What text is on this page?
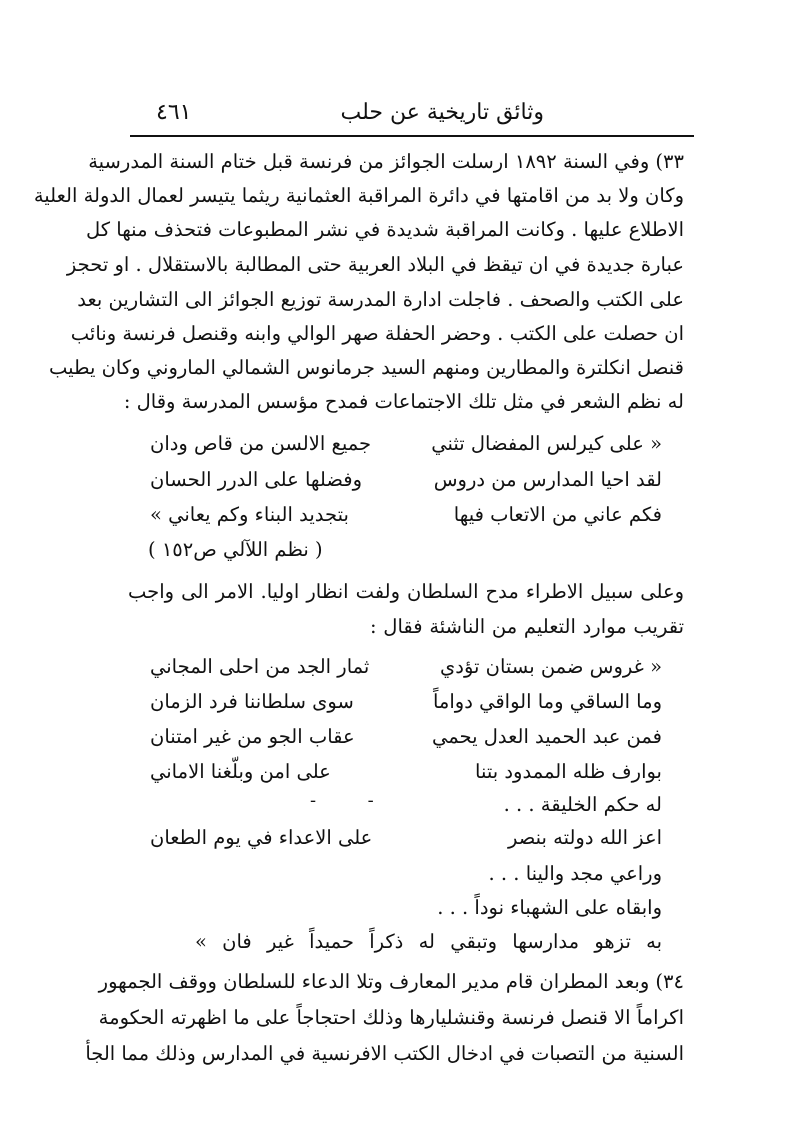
وثائق تاريخية عن حلب
٤٦١
٣٣) وفي السنة ١٨٩٢ ارسلت الجوائز من فرنسة قبل ختام السنة المدرسية
وكان ولا بد من اقامتها في دائرة المراقبة العثمانية ريثما يتيسر لعمال الدولة العلية
الاطلاع عليها . وكانت المراقبة شديدة في نشر المطبوعات فتحذف منها كل
عبارة جديدة في ان تيقظ في البلاد العربية حتى المطالبة بالاستقلال . او تحجز
على الكتب والصحف . فاجلت ادارة المدرسة توزيع الجوائز الى التشارين بعد
ان حصلت على الكتب . وحضر الحفلة صهر الوالي وابنه وقنصل فرنسة ونائب
قنصل انكلترة والمطارين ومنهم السيد جرمانوس الشمالي الماروني وكان يطيب
له نظم الشعر في مثل تلك الاجتماعات فمدح مؤسس المدرسة وقال :
« على كيرلس المفضال تثني
جميع الالسن من قاص ودان
لقد احيا المدارس من دروس
وفضلها على الدرر الحسان
فكم عاني من الاتعاب فيها
بتجديد البناء وكم يعاني »
( نظم اللآلي ص١٥٢ )
وعلى سبيل الاطراء مدح السلطان ولفت انظار اوليا. الامر الى واجب
تقريب موارد التعليم من الناشئة فقال :
« غروس ضمن بستان تؤدي
ثمار الجد من احلى المجاني
وما الساقي وما الواقي دواماً
سوى سلطاننا فرد الزمان
فمن عبد الحميد العدل يحمي
عقاب الجو من غير امتنان
بوارف ظله الممدود بتنا
على امن وبلّغنا الاماني
له حكم الخليقة . . .
-         -
اعز الله دولته بنصر
على الاعداء في يوم الطعان
وراعي مجد والينا . . .
وابقاه على الشهباء نوداً . . .
به تزهو مدارسها وتبقي له ذكراً حميداً غير فان »
٣٤) وبعد المطران قام مدير المعارف وتلا الدعاء للسلطان ووقف الجمهور
اكراماً الا قنصل فرنسة وقنشليارها وذلك احتجاجاً على ما اظهرته الحكومة
السنية من التصبات في ادخال الكتب الافرنسية في المدارس وذلك مما الجأ
